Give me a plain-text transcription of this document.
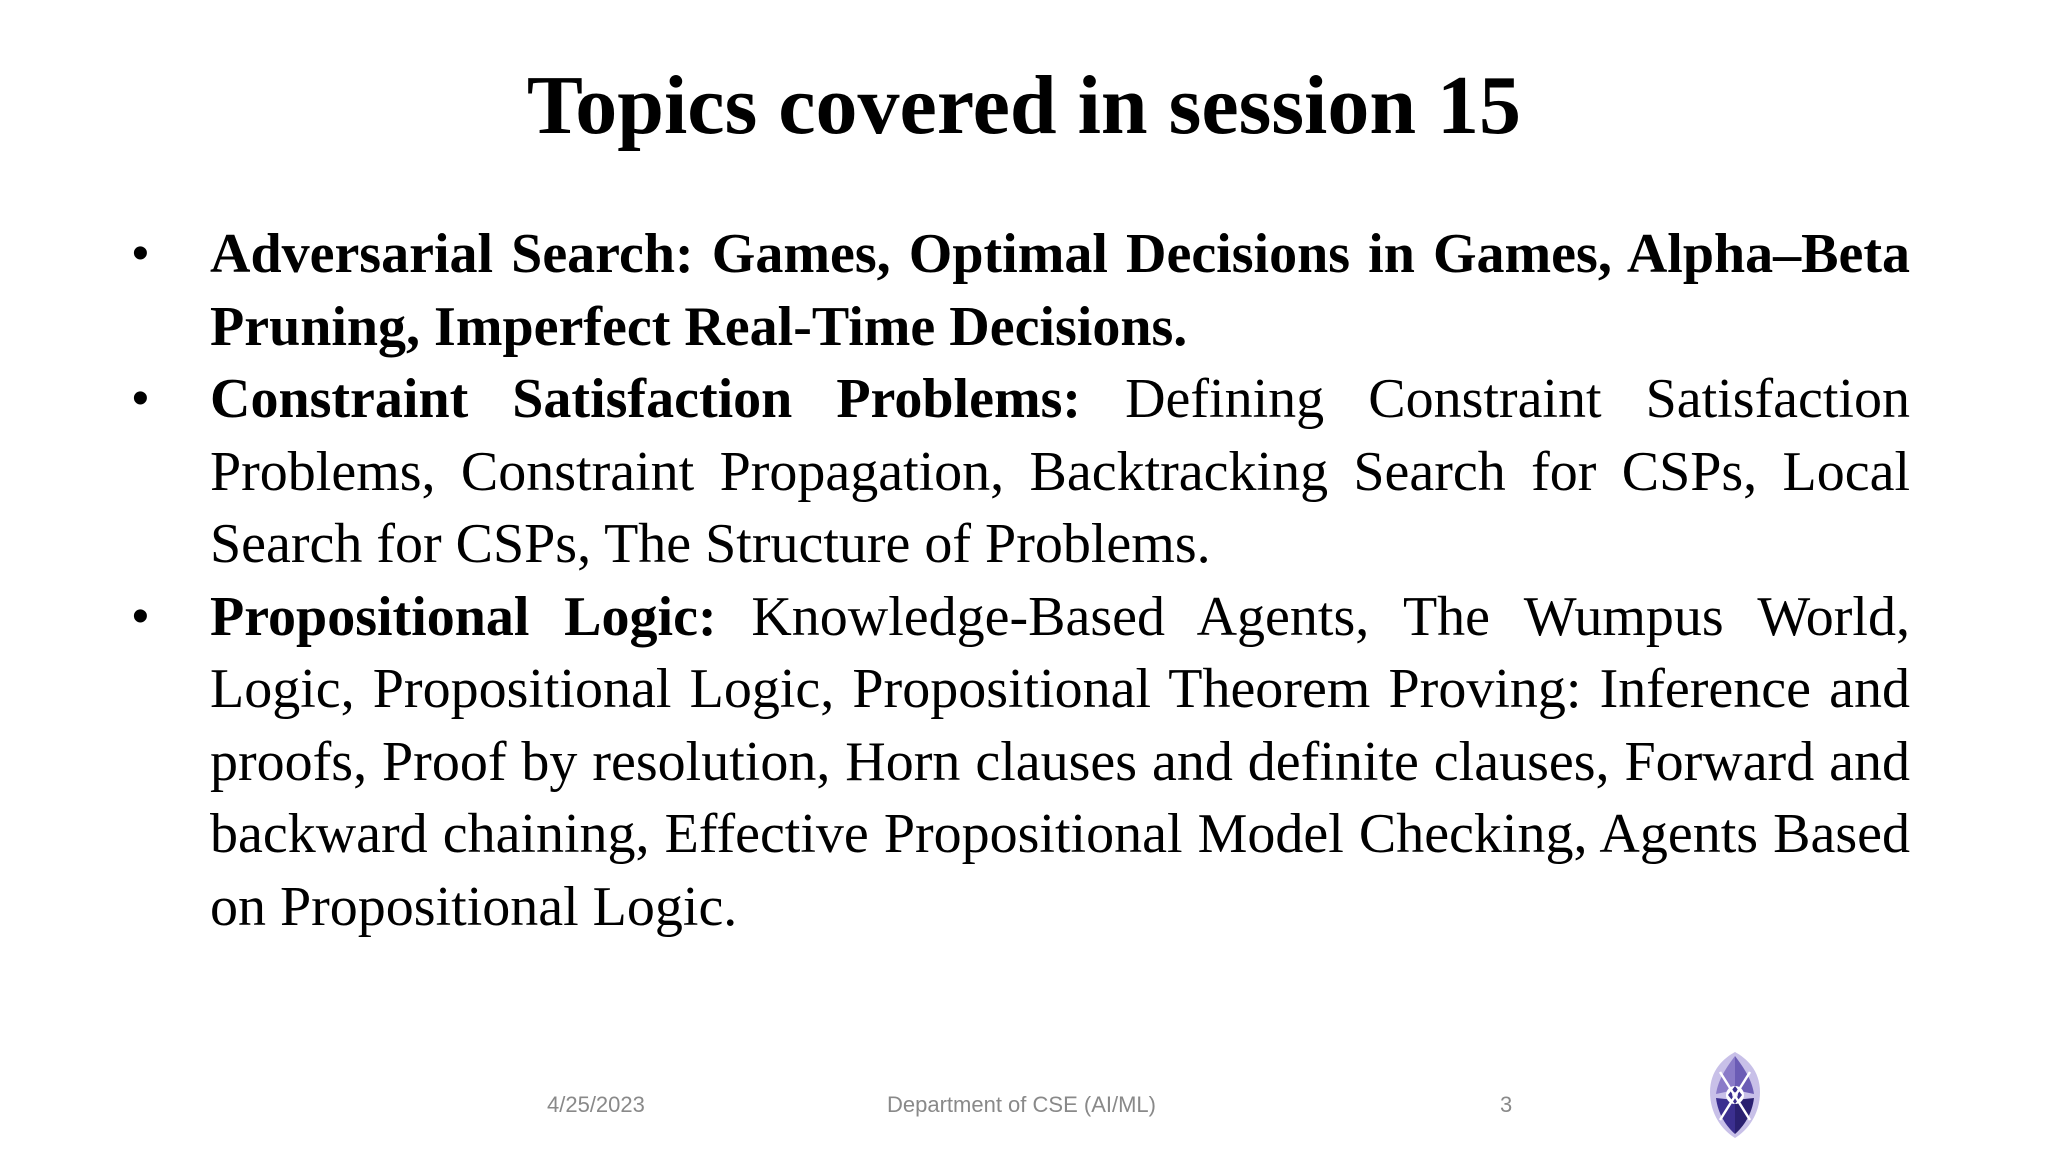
Topics covered in session 15
• Adversarial Search: Games, Optimal Decisions in Games, Alpha–Beta Pruning, Imperfect Real-Time Decisions.
• Constraint Satisfaction Problems: Defining Constraint Satisfaction Problems, Constraint Propagation, Backtracking Search for CSPs, Local Search for CSPs, The Structure of Problems.
• Propositional Logic: Knowledge-Based Agents, The Wumpus World, Logic, Propositional Logic, Propositional Theorem Proving: Inference and proofs, Proof by resolution, Horn clauses and definite clauses, Forward and backward chaining, Effective Propositional Model Checking, Agents Based on Propositional Logic.
4/25/2023	Department of CSE (AI/ML)	3
